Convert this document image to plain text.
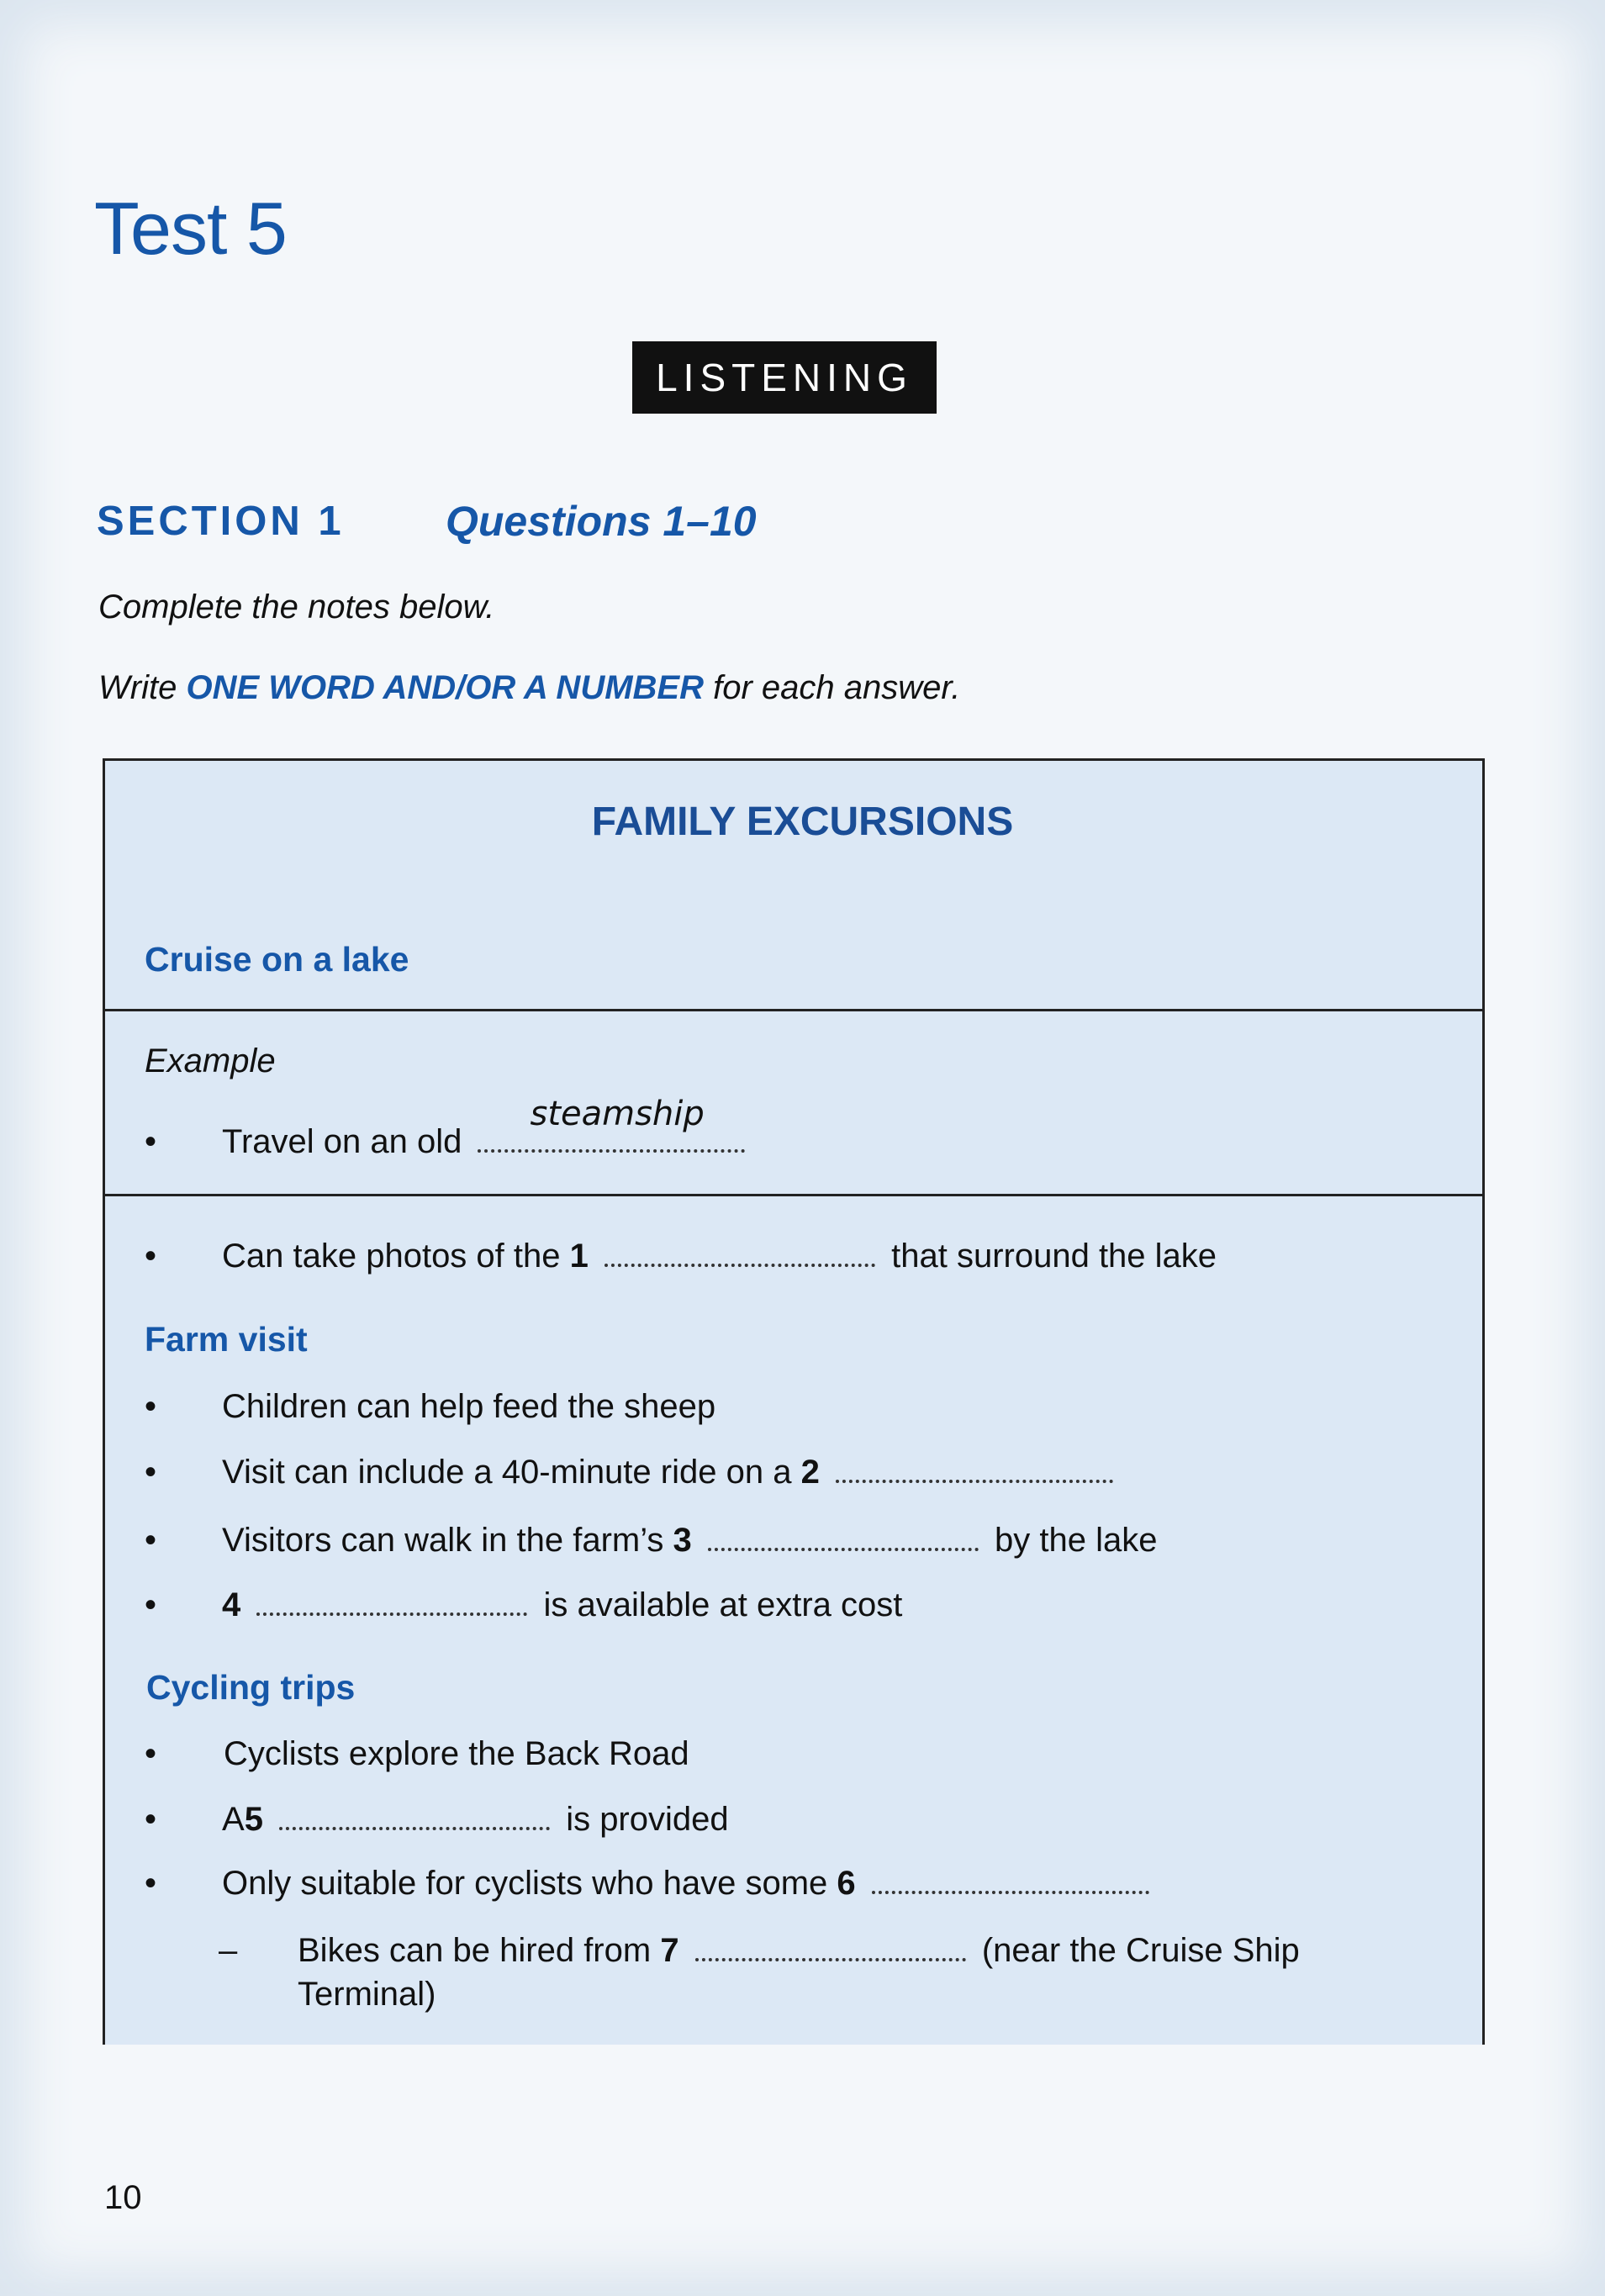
Test 5
LISTENING
SECTION 1 Questions 1–10
Complete the notes below.
Write ONE WORD AND/OR A NUMBER for each answer.
FAMILY EXCURSIONS
Cruise on a lake
Example
• Travel on an old
steamship
• Can take photos of the 1	that surround the lake
Farm visit
• Children can help feed the sheep
• Visit can include a 40-minute ride on a 2
• Visitors can walk in the farm’s 3	by the lake
• 4	is available at extra cost
Cycling trips
• Cyclists explore the Back Road
• A5	is provided
• Only suitable for cyclists who have some 6
– Bikes can be hired from 7	(near the Cruise Ship
Terminal)
10
